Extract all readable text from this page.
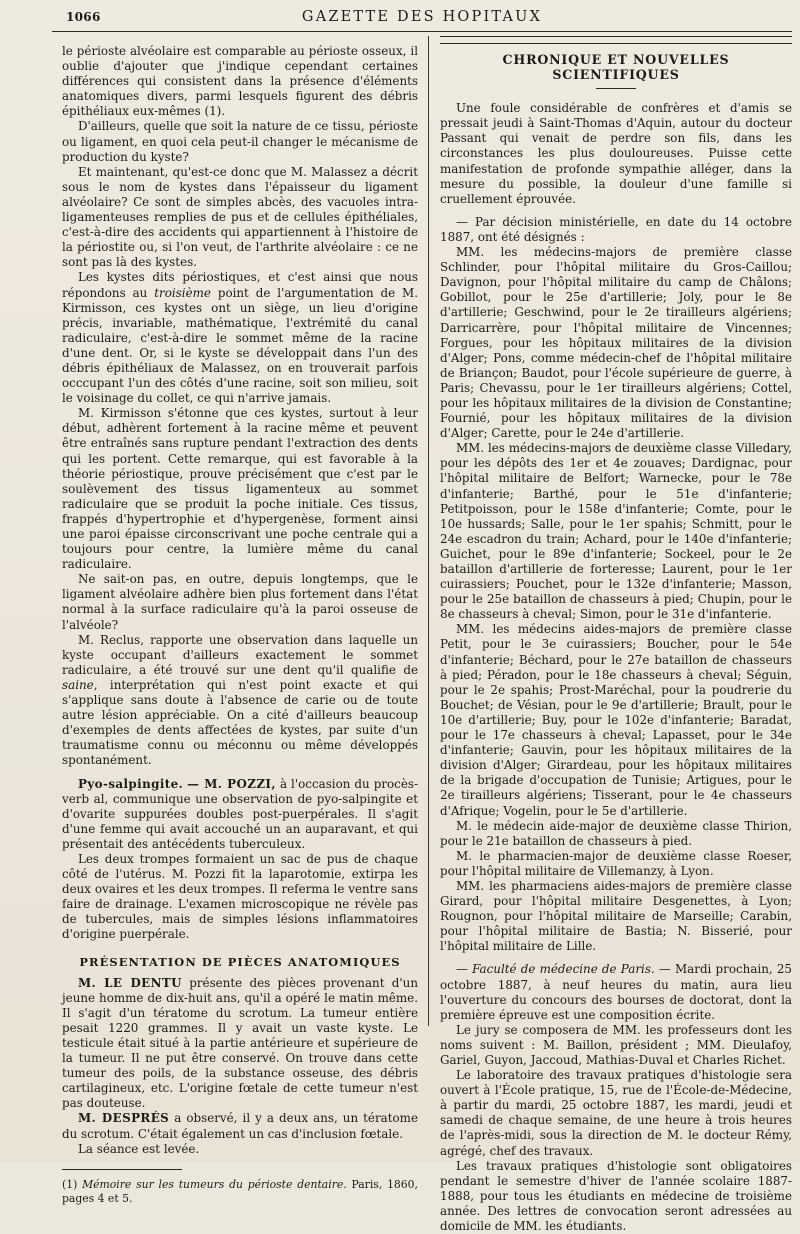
1066	GAZETTE DES HOPITAUX

le périoste alvéolaire est comparable au périoste osseux, il oublie d'ajouter que j'indique cependant certaines différences qui consistent dans la présence d'éléments anatomiques divers, parmi lesquels figurent des débris épithéliaux eux-mêmes (1).

D'ailleurs, quelle que soit la nature de ce tissu, périoste ou ligament, en quoi cela peut-il changer le mécanisme de production du kyste?

Et maintenant, qu'est-ce donc que M. Malassez a décrit sous le nom de kystes dans l'épaisseur du ligament alvéolaire? Ce sont de simples abcès, des vacuoles intra-ligamenteuses remplies de pus et de cellules épithéliales, c'est-à-dire des accidents qui appartiennent à l'histoire de la périostite ou, si l'on veut, de l'arthrite alvéolaire : ce ne sont pas là des kystes.

Les kystes dits périostiques, et c'est ainsi que nous répondons au troisième point de l'argumentation de M. Kirmisson, ces kystes ont un siège, un lieu d'origine précis, invariable, mathématique, l'extrémité du canal radiculaire, c'est-à-dire le sommet même de la racine d'une dent. Or, si le kyste se développait dans l'un des débris épithéliaux de Malassez, on en trouverait parfois occcupant l'un des côtés d'une racine, soit son milieu, soit le voisinage du collet, ce qui n'arrive jamais.

M. Kirmisson s'étonne que ces kystes, surtout à leur début, adhèrent fortement à la racine même et peuvent être entraînés sans rupture pendant l'extraction des dents qui les portent. Cette remarque, qui est favorable à la théorie périostique, prouve précisément que c'est par le soulèvement des tissus ligamenteux au sommet radiculaire que se produit la poche initiale. Ces tissus, frappés d'hypertrophie et d'hypergenèse, forment ainsi une paroi épaisse circonscrivant une poche centrale qui a toujours pour centre, la lumière même du canal radiculaire.

Ne sait-on pas, en outre, depuis longtemps, que le ligament alvéolaire adhère bien plus fortement dans l'état normal à la surface radiculaire qu'à la paroi osseuse de l'alvéole?

M. Reclus, rapporte une observation dans laquelle un kyste occupant d'ailleurs exactement le sommet radiculaire, a été trouvé sur une dent qu'il qualifie de saine, interprétation qui n'est point exacte et qui s'applique sans doute à l'absence de carie ou de toute autre lésion appréciable. On a cité d'ailleurs beaucoup d'exemples de dents affectées de kystes, par suite d'un traumatisme connu ou méconnu ou même développés spontanément.

Pyo-salpingite. — M. POZZI, à l'occasion du procès-verb al, communique une observation de pyo-salpingite et d'ovarite suppurées doubles post-puerpérales. Il s'agit d'une femme qui avait accouché un an auparavant, et qui présentait des antécédents tuberculeux.

Les deux trompes formaient un sac de pus de chaque côté de l'utérus. M. Pozzi fit la laparotomie, extirpa les deux ovaires et les deux trompes. Il referma le ventre sans faire de drainage. L'examen microscopique ne révèle pas de tubercules, mais de simples lésions inflammatoires d'origine puerpérale.

PRÉSENTATION DE PIÈCES ANATOMIQUES

M. LE DENTU présente des pièces provenant d'un jeune homme de dix-huit ans, qu'il a opéré le matin même. Il s'agit d'un tératome du scrotum. La tumeur entière pesait 1220 grammes. Il y avait un vaste kyste. Le testicule était situé à la partie antérieure et supérieure de la tumeur. Il ne put être conservé. On trouve dans cette tumeur des poils, de la substance osseuse, des débris cartilagineux, etc. L'origine fœtale de cette tumeur n'est pas douteuse.

M. DESPRÉS a observé, il y a deux ans, un tératome du scrotum. C'était également un cas d'inclusion fœtale.

La séance est levée.

(1) Mémoire sur les tumeurs du périoste dentaire. Paris, 1860, pages 4 et 5.

CHRONIQUE ET NOUVELLES SCIENTIFIQUES

Une foule considérable de confrères et d'amis se pressait jeudi à Saint-Thomas d'Aquin, autour du docteur Passant qui venait de perdre son fils, dans les circonstances les plus douloureuses. Puisse cette manifestation de profonde sympathie alléger, dans la mesure du possible, la douleur d'une famille si cruellement éprouvée.

— Par décision ministérielle, en date du 14 octobre 1887, ont été désignés :

MM. les médecins-majors de première classe Schlinder, pour l'hôpital militaire du Gros-Caillou; Davignon, pour l'hôpital militaire du camp de Châlons; Gobillot, pour le 25e d'artillerie; Joly, pour le 8e d'artillerie; Geschwind, pour le 2e tirailleurs algériens; Darricarrère, pour l'hôpital militaire de Vincennes; Forgues, pour les hôpitaux militaires de la division d'Alger; Pons, comme médecin-chef de l'hôpital militaire de Briançon; Baudot, pour l'école supérieure de guerre, à Paris; Chevassu, pour le 1er tirailleurs algériens; Cottel, pour les hôpitaux militaires de la division de Constantine; Fournié, pour les hôpitaux militaires de la division d'Alger; Carette, pour le 24e d'artillerie.

MM. les médecins-majors de deuxième classe Villedary, pour les dépôts des 1er et 4e zouaves; Dardignac, pour l'hôpital militaire de Belfort; Warnecke, pour le 78e d'infanterie; Barthé, pour le 51e d'infanterie; Petitpoisson, pour le 158e d'infanterie; Comte, pour le 10e hussards; Salle, pour le 1er spahis; Schmitt, pour le 24e escadron du train; Achard, pour le 140e d'infanterie; Guichet, pour le 89e d'infanterie; Sockeel, pour le 2e bataillon d'artillerie de forteresse; Laurent, pour le 1er cuirassiers; Pouchet, pour le 132e d'infanterie; Masson, pour le 25e bataillon de chasseurs à pied; Chupin, pour le 8e chasseurs à cheval; Simon, pour le 31e d'infanterie.

MM. les médecins aides-majors de première classe Petit, pour le 3e cuirassiers; Boucher, pour le 54e d'infanterie; Béchard, pour le 27e bataillon de chasseurs à pied; Péradon, pour le 18e chasseurs à cheval; Séguin, pour le 2e spahis; Prost-Maréchal, pour la poudrerie du Bouchet; de Vésian, pour le 9e d'artillerie; Brault, pour le 10e d'artillerie; Buy, pour le 102e d'infanterie; Baradat, pour le 17e chasseurs à cheval; Lapasset, pour le 34e d'infanterie; Gauvin, pour les hôpitaux militaires de la division d'Alger; Girardeau, pour les hôpitaux militaires de la brigade d'occupation de Tunisie; Artigues, pour le 2e tirailleurs algériens; Tisserant, pour le 4e chasseurs d'Afrique; Vogelin, pour le 5e d'artillerie.

M. le médecin aide-major de deuxième classe Thirion, pour le 21e bataillon de chasseurs à pied.

M. le pharmacien-major de deuxième classe Roeser, pour l'hôpital militaire de Villemanzy, à Lyon.

MM. les pharmaciens aides-majors de première classe Girard, pour l'hôpital militaire Desgenettes, à Lyon; Rougnon, pour l'hôpital militaire de Marseille; Carabin, pour l'hôpital militaire de Bastia; N. Bisserié, pour l'hôpital militaire de Lille.

— Faculté de médecine de Paris. — Mardi prochain, 25 octobre 1887, à neuf heures du matin, aura lieu l'ouverture du concours des bourses de doctorat, dont la première épreuve est une composition écrite.

Le jury se composera de MM. les professeurs dont les noms suivent : M. Baillon, président ; MM. Dieulafoy, Gariel, Guyon, Jaccoud, Mathias-Duval et Charles Richet.

Le laboratoire des travaux pratiques d'histologie sera ouvert à l'École pratique, 15, rue de l'École-de-Médecine, à partir du mardi, 25 octobre 1887, les mardi, jeudi et samedi de chaque semaine, de une heure à trois heures de l'après-midi, sous la direction de M. le docteur Rémy, agrégé, chef des travaux.

Les travaux pratiques d'histologie sont obligatoires pendant le semestre d'hiver de l'année scolaire 1887-1888, pour tous les étudiants en médecine de troisième année. Des lettres de convocation seront adressées au domicile de MM. les étudiants.
